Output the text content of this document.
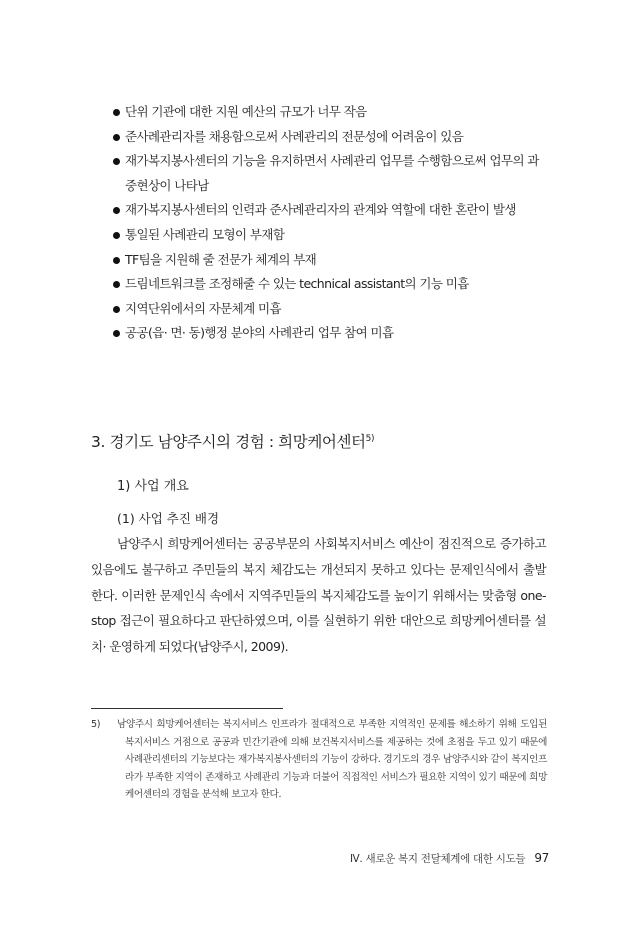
단위 기관에 대한 지원 예산의 규모가 너무 작음
준사례관리자를 채용함으로써 사례관리의 전문성에 어려움이 있음
재가복지봉사센터의 기능을 유지하면서 사례관리 업무를 수행함으로써 업무의 과중현상이 나타남
재가복지봉사센터의 인력과 준사례관리자의 관계와 역할에 대한 혼란이 발생
통일된 사례관리 모형이 부재함
TF팀을 지원해 줄 전문가 체계의 부재
드림네트워크를 조정해줄 수 있는 technical assistant의 기능 미흡
지역단위에서의 자문체계 미흡
공공(읍· 면· 동)행정 분야의 사례관리 업무 참여 미흡
3. 경기도 남양주시의 경험 : 희망케어센터$^{5)}$
1) 사업 개요
(1) 사업 추진 배경

남양주시 희망케어센터는 공공부문의 사회복지서비스 예산이 점진적으로 증가하고 있음에도 불구하고 주민들의 복지 체감도는 개선되지 못하고 있다는 문제인식에서 출발한다. 이러한 문제인식 속에서 지역주민들의 복지체감도를 높이기 위해서는 맞춤형 one-stop 접근이 필요하다고 판단하였으며, 이를 실현하기 위한 대안으로 희망케어센터를 설치· 운영하게 되었다(남양주시, 2009).

5) 남양주시 희망케어센터는 복지서비스 인프라가 절대적으로 부족한 지역적인 문제를 해소하기 위해 도입된 복지서비스 거점으로 공공과 민간기관에 의해 보건복지서비스를 제공하는 것에 초점을 두고 있기 때문에 사례관리센터의 기능보다는 재가복지봉사센터의 기능이 강하다. 경기도의 경우 남양주시와 같이 복지인프라가 부족한 지역이 존재하고 사례관리 기능과 더불어 직접적인 서비스가 필요한 지역이 있기 때문에 희망케어센터의 경험을 분석해 보고자 한다.
Ⅳ. 새로운 복지 전달체계에 대한 시도들 97
